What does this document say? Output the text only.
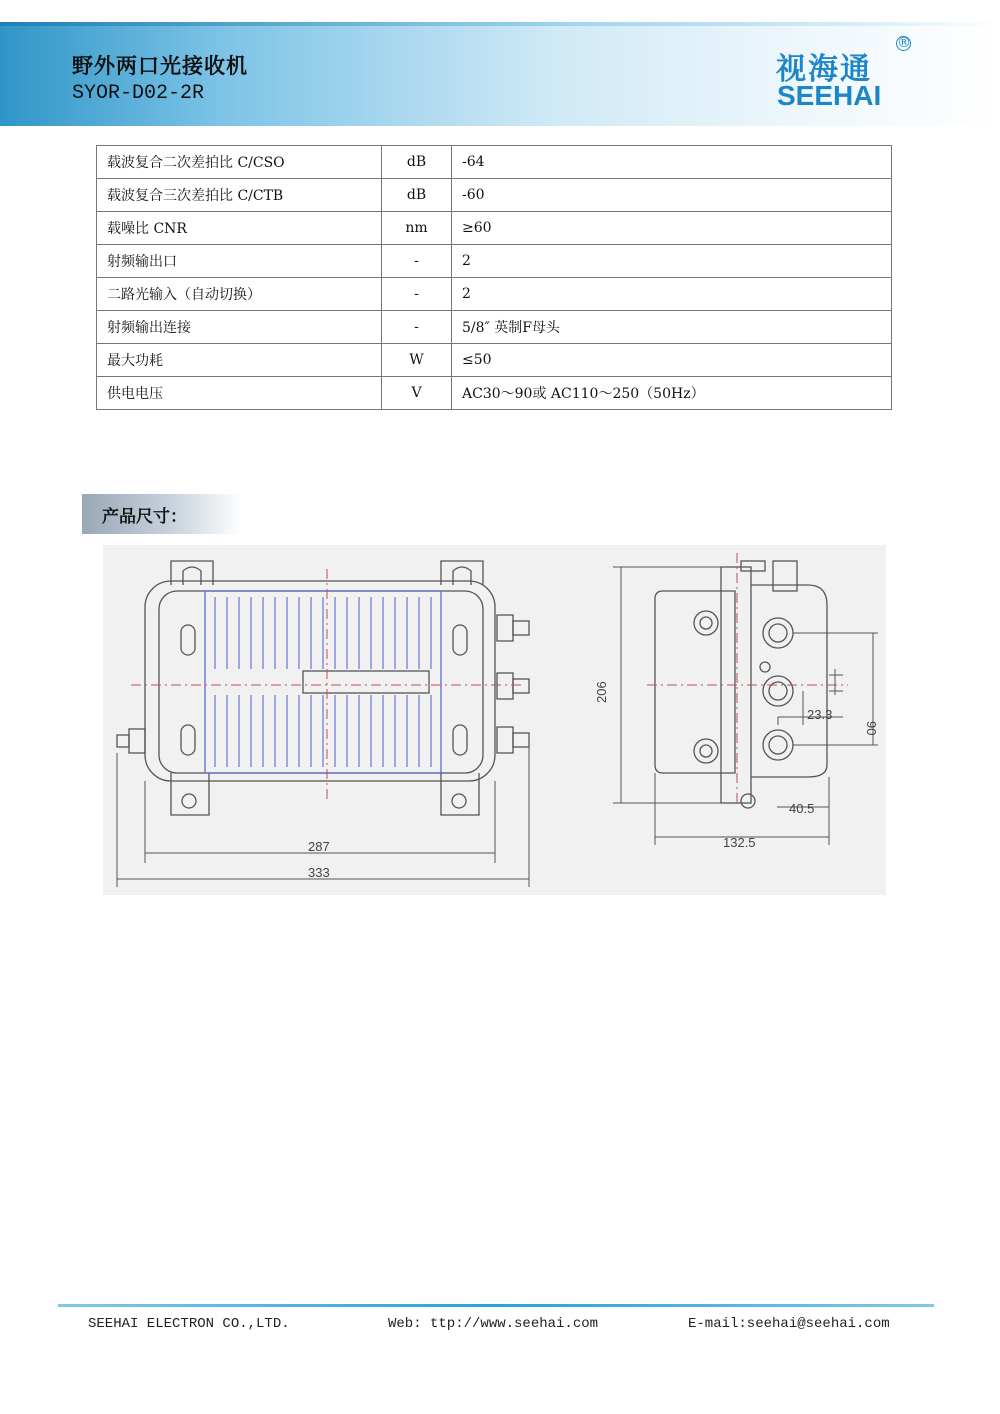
野外两口光接收机
SYOR-D02-2R
视海通
®
SEEHAI
载波复合二次差拍比 C/CSO	dB	-64
载波复合三次差拍比 C/CTB	dB	-60
载噪比 CNR	nm	≥60
射频输出口	-	2
二路光输入（自动切换）	-	2
射频输出连接	-	5/8″ 英制F母头
最大功耗	W	≤50
供电电压	V	AC30～90或 AC110～250（50Hz）
产品尺寸：
287
333
206
90
23.3
40.5
132.5
SEEHAI ELECTRON CO.,LTD.	Web: ttp://www.seehai.com	E-mail:seehai@seehai.com
